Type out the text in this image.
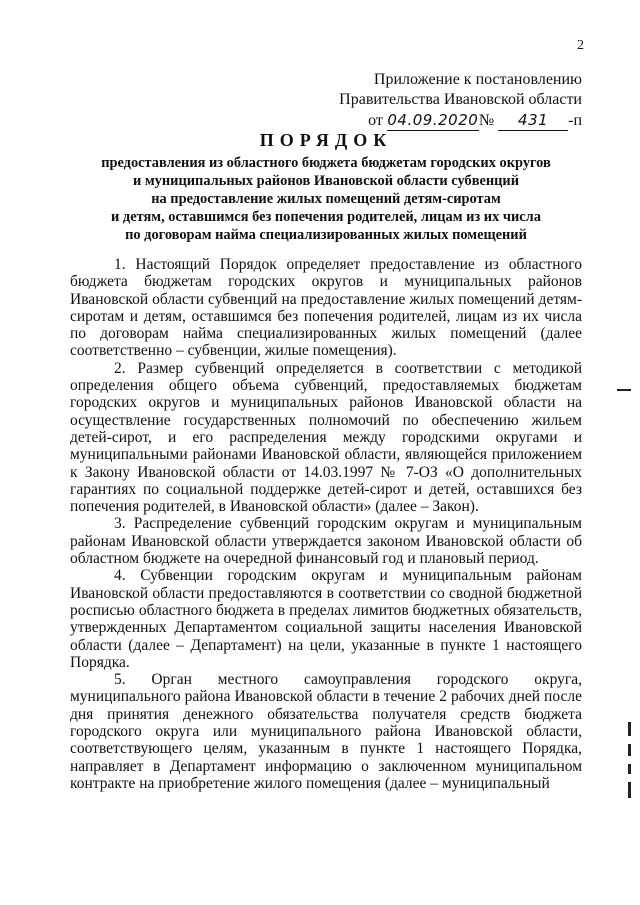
2
Приложение к постановлению
Правительства Ивановской области
от 04.09.2020№ 431 -п
ПОРЯДОК
предоставления из областного бюджета бюджетам городских округов
и муниципальных районов Ивановской области субвенций
на предоставление жилых помещений детям-сиротам
и детям, оставшимся без попечения родителей, лицам из их числа
по договорам найма специализированных жилых помещений

1. Настоящий Порядок определяет предоставление из областного бюджета бюджетам городских округов и муниципальных районов Ивановской области субвенций на предоставление жилых помещений детям-сиротам и детям, оставшимся без попечения родителей, лицам из их числа по договорам найма специализированных жилых помещений (далее соответственно – субвенции, жилые помещения).

2. Размер субвенций определяется в соответствии с методикой определения общего объема субвенций, предоставляемых бюджетам городских округов и муниципальных районов Ивановской области на осуществление государственных полномочий по обеспечению жильем детей-сирот, и его распределения между городскими округами и муниципальными районами Ивановской области, являющейся приложением к Закону Ивановской области от 14.03.1997 № 7-ОЗ «О дополнительных гарантиях по социальной поддержке детей-сирот и детей, оставшихся без попечения родителей, в Ивановской области» (далее – Закон).

3. Распределение субвенций городским округам и муниципальным районам Ивановской области утверждается законом Ивановской области об областном бюджете на очередной финансовый год и плановый период.

4. Субвенции городским округам и муниципальным районам Ивановской области предоставляются в соответствии со сводной бюджетной росписью областного бюджета в пределах лимитов бюджетных обязательств, утвержденных Департаментом социальной защиты населения Ивановской области (далее – Департамент) на цели, указанные в пункте 1 настоящего Порядка.

5. Орган местного самоуправления городского округа, муниципального района Ивановской области в течение 2 рабочих дней после дня принятия денежного обязательства получателя средств бюджета городского округа или муниципального района Ивановской области, соответствующего целям, указанным в пункте 1 настоящего Порядка, направляет в Департамент информацию о заключенном муниципальном контракте на приобретение жилого помещения (далее – муниципальный
